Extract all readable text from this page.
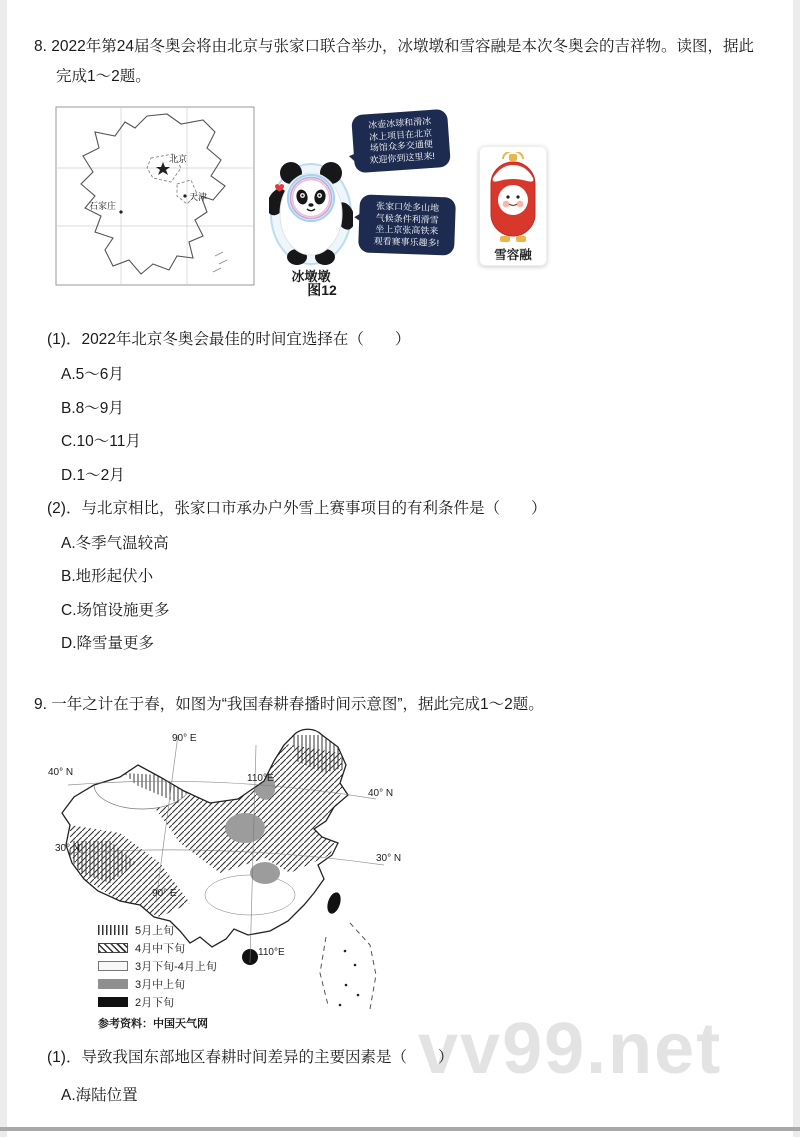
vv99.net
8. 2022年第24届冬奥会将由北京与张家口联合举办，冰墩墩和雪容融是本次冬奥会的吉祥物。读图，据此
完成1～2题。
北京
天津
石家庄
冰墩墩
冰壶冰球和滑冰
冰上项目在北京
场馆众多交通便
欢迎你到这里来!
张家口处多山地
气候条件利滑雪
坐上京张高铁来
观看赛事乐趣多!
雪容融
图12
(1)．2022年北京冬奥会最佳的时间宜选择在（　　）
A.5～6月
B.8～9月
C.10～11月
D.1～2月
(2)．与北京相比，张家口市承办户外雪上赛事项目的有利条件是（　　）
A.冬季气温较高
B.地形起伏小
C.场馆设施更多
D.降雪量更多
9. 一年之计在于春，如图为“我国春耕春播时间示意图”，据此完成1～2题。
90° E
40° N
110°E
40° N
30° N
30° N
90° E
110°E
5月上旬
4月中下旬
3月下旬-4月上旬
3月中上旬
2月下旬
参考资料：中国天气网
(1)．导致我国东部地区春耕时间差异的主要因素是（　　）
A.海陆位置
